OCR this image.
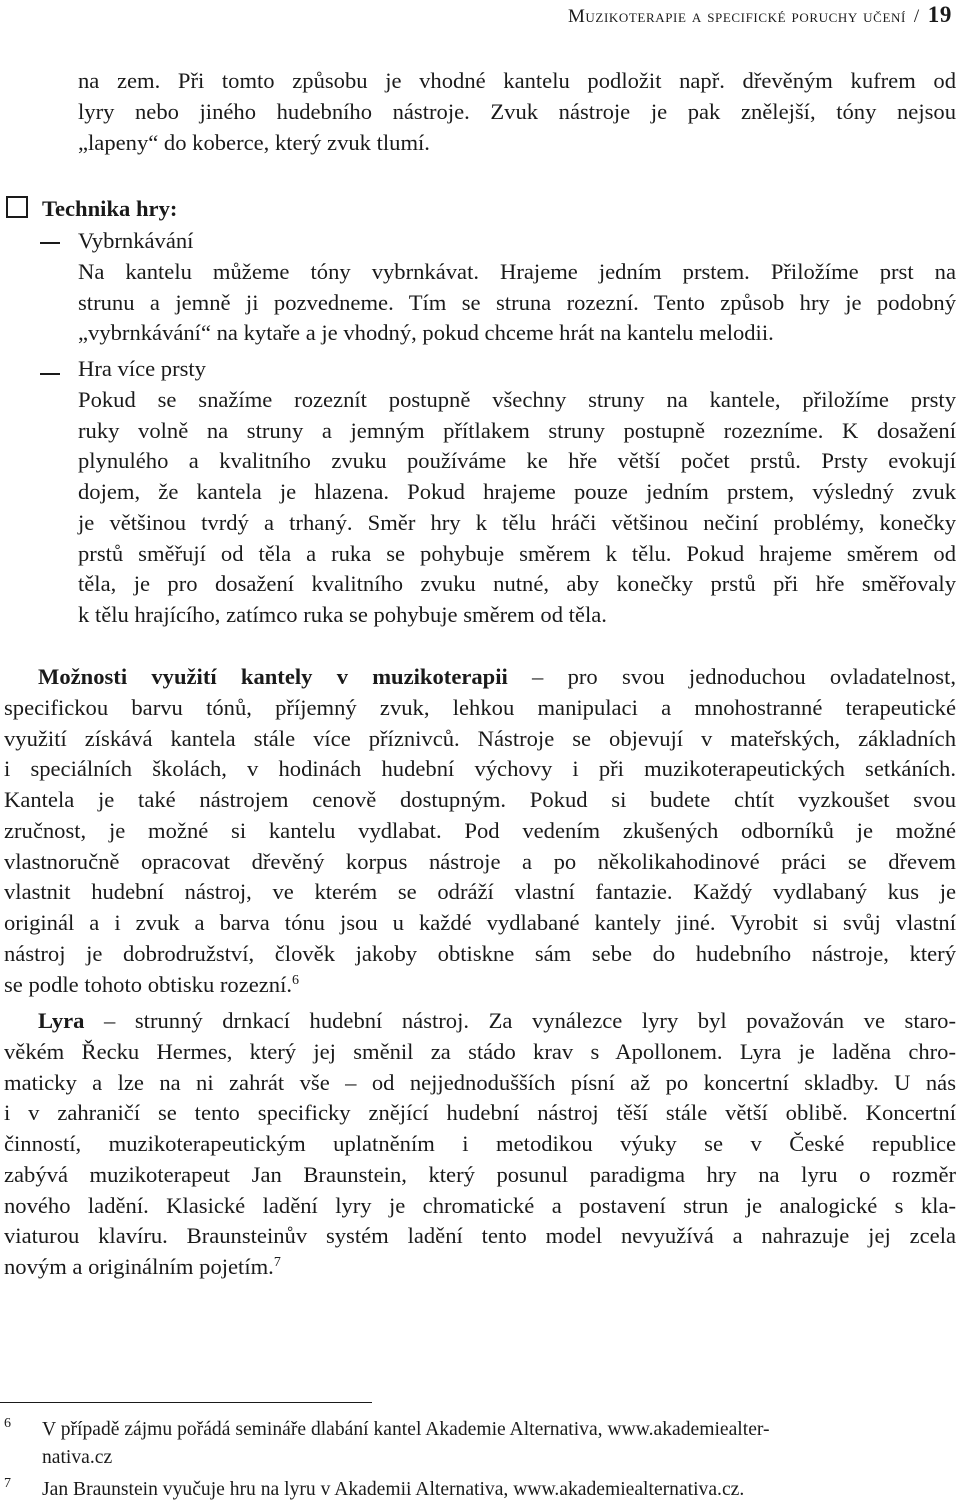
Muzikoterapie a specifické poruchy učení / 19
na zem. Při tomto způsobu je vhodné kantelu podložit např. dřevěným kufrem od
lyry nebo jiného hudebního nástroje. Zvuk nástroje je pak znělejší, tóny nejsou
„lapeny“ do koberce, který zvuk tlumí.
Technika hry:
Vybrnkávání
Na kantelu můžeme tóny vybrnkávat. Hrajeme jedním prstem. Přiložíme prst na
strunu a jemně ji pozvedneme. Tím se struna rozezní. Tento způsob hry je podobný
„vybrnkávání“ na kytaře a je vhodný, pokud chceme hrát na kantelu melodii.
Hra více prsty
Pokud se snažíme rozeznít postupně všechny struny na kantele, přiložíme prsty
ruky volně na struny a jemným přítlakem struny postupně rozezníme. K dosažení
plynulého a kvalitního zvuku používáme ke hře větší počet prstů. Prsty evokují
dojem, že kantela je hlazena. Pokud hrajeme pouze jedním prstem, výsledný zvuk
je většinou tvrdý a trhaný. Směr hry k tělu hráči většinou nečiní problémy, konečky
prstů směřují od těla a ruka se pohybuje směrem k tělu. Pokud hrajeme směrem od
těla, je pro dosažení kvalitního zvuku nutné, aby konečky prstů při hře směřovaly
k tělu hrajícího, zatímco ruka se pohybuje směrem od těla.
Možnosti využití kantely v muzikoterapii – pro svou jednoduchou ovladatelnost,
specifickou barvu tónů, příjemný zvuk, lehkou manipulaci a mnohostranné terapeutické
využití získává kantela stále více příznivců. Nástroje se objevují v mateřských, základních
i speciálních školách, v hodinách hudební výchovy i při muzikoterapeutických setkáních.
Kantela je také nástrojem cenově dostupným. Pokud si budete chtít vyzkoušet svou
zručnost, je možné si kantelu vydlabat. Pod vedením zkušených odborníků je možné
vlastnoručně opracovat dřevěný korpus nástroje a po několikahodinové práci se dřevem
vlastnit hudební nástroj, ve kterém se odráží vlastní fantazie. Každý vydlabaný kus je
originál a i zvuk a barva tónu jsou u každé vydlabané kantely jiné. Vyrobit si svůj vlastní
nástroj je dobrodružství, člověk jakoby obtiskne sám sebe do hudebního nástroje, který
se podle tohoto obtisku rozezní.$^6$
Lyra – strunný drnkací hudební nástroj. Za vynálezce lyry byl považován ve staro-
věkém Řecku Hermes, který jej směnil za stádo krav s Apollonem. Lyra je laděna chro-
maticky a lze na ni zahrát vše – od nejjednodušších písní až po koncertní skladby. U nás
i v zahraničí se tento specificky znějící hudební nástroj těší stále větší oblibě. Koncertní
činností, muzikoterapeutickým uplatněním i metodikou výuky se v České republice
zabývá muzikoterapeut Jan Braunstein, který posunul paradigma hry na lyru o rozměr
nového ladění. Klasické ladění lyry je chromatické a postavení strun je analogické s kla-
viaturou klavíru. Braunsteinův systém ladění tento model nevyužívá a nahrazuje jej zcela
novým a originálním pojetím.$^7$
6 V případě zájmu pořádá semináře dlabání kantel Akademie Alternativa, www.akademiealter-
nativa.cz
7 Jan Braunstein vyučuje hru na lyru v Akademii Alternativa, www.akademiealternativa.cz.
